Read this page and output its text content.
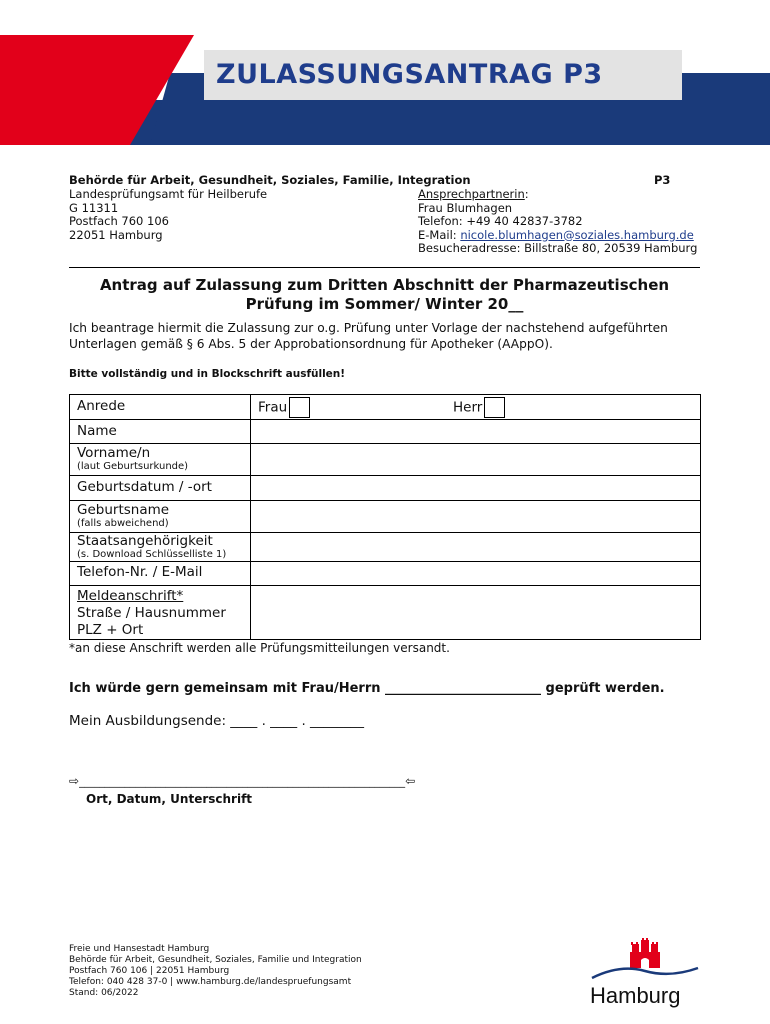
ZULASSUNGSANTRAG P3
Behörde für Arbeit, Gesundheit, Soziales, Familie, Integration	P3
Landesprüfungsamt für Heilberufe
G 11311
Postfach 760 106
22051 Hamburg
Ansprechpartnerin:
Frau Blumhagen
Telefon: +49 40 42837-3782
E-Mail: nicole.blumhagen@soziales.hamburg.de
Besucheradresse: Billstraße 80, 20539 Hamburg
Antrag auf Zulassung zum Dritten Abschnitt der Pharmazeutischen
Prüfung im Sommer/ Winter 20__
Ich beantrage hiermit die Zulassung zur o.g. Prüfung unter Vorlage der nachstehend aufgeführten
Unterlagen gemäß § 6 Abs. 5 der Approbationsordnung für Apotheker (AAppO).
Bitte vollständig und in Blockschrift ausfüllen!
Anrede	Frau Herr

Name	
Vorname/n
(laut Geburtsurkunde)	

Geburtsdatum / -ort	
Geburtsname
(falls abweichend)	

Staatsangehörigkeit
(s. Download Schlüsselliste 1)	

Telefon-Nr. / E-Mail	

Meldeanschrift*
Straße / Hausnummer
PLZ + Ort	

*an diese Anschrift werden alle Prüfungsmitteilungen versandt.
Ich würde gern gemeinsam mit Frau/Herrn ________________________ geprüft werden.
Mein Ausbildungsende: ____ . ____ . ________
⇨________________________________________________________________⇦
Ort, Datum, Unterschrift
Freie und Hansestadt Hamburg
Behörde für Arbeit, Gesundheit, Soziales, Familie und Integration
Postfach 760 106 | 22051 Hamburg
Telefon: 040 428 37-0 | www.hamburg.de/landespruefungsamt
Stand: 06/2022	Hamburg
